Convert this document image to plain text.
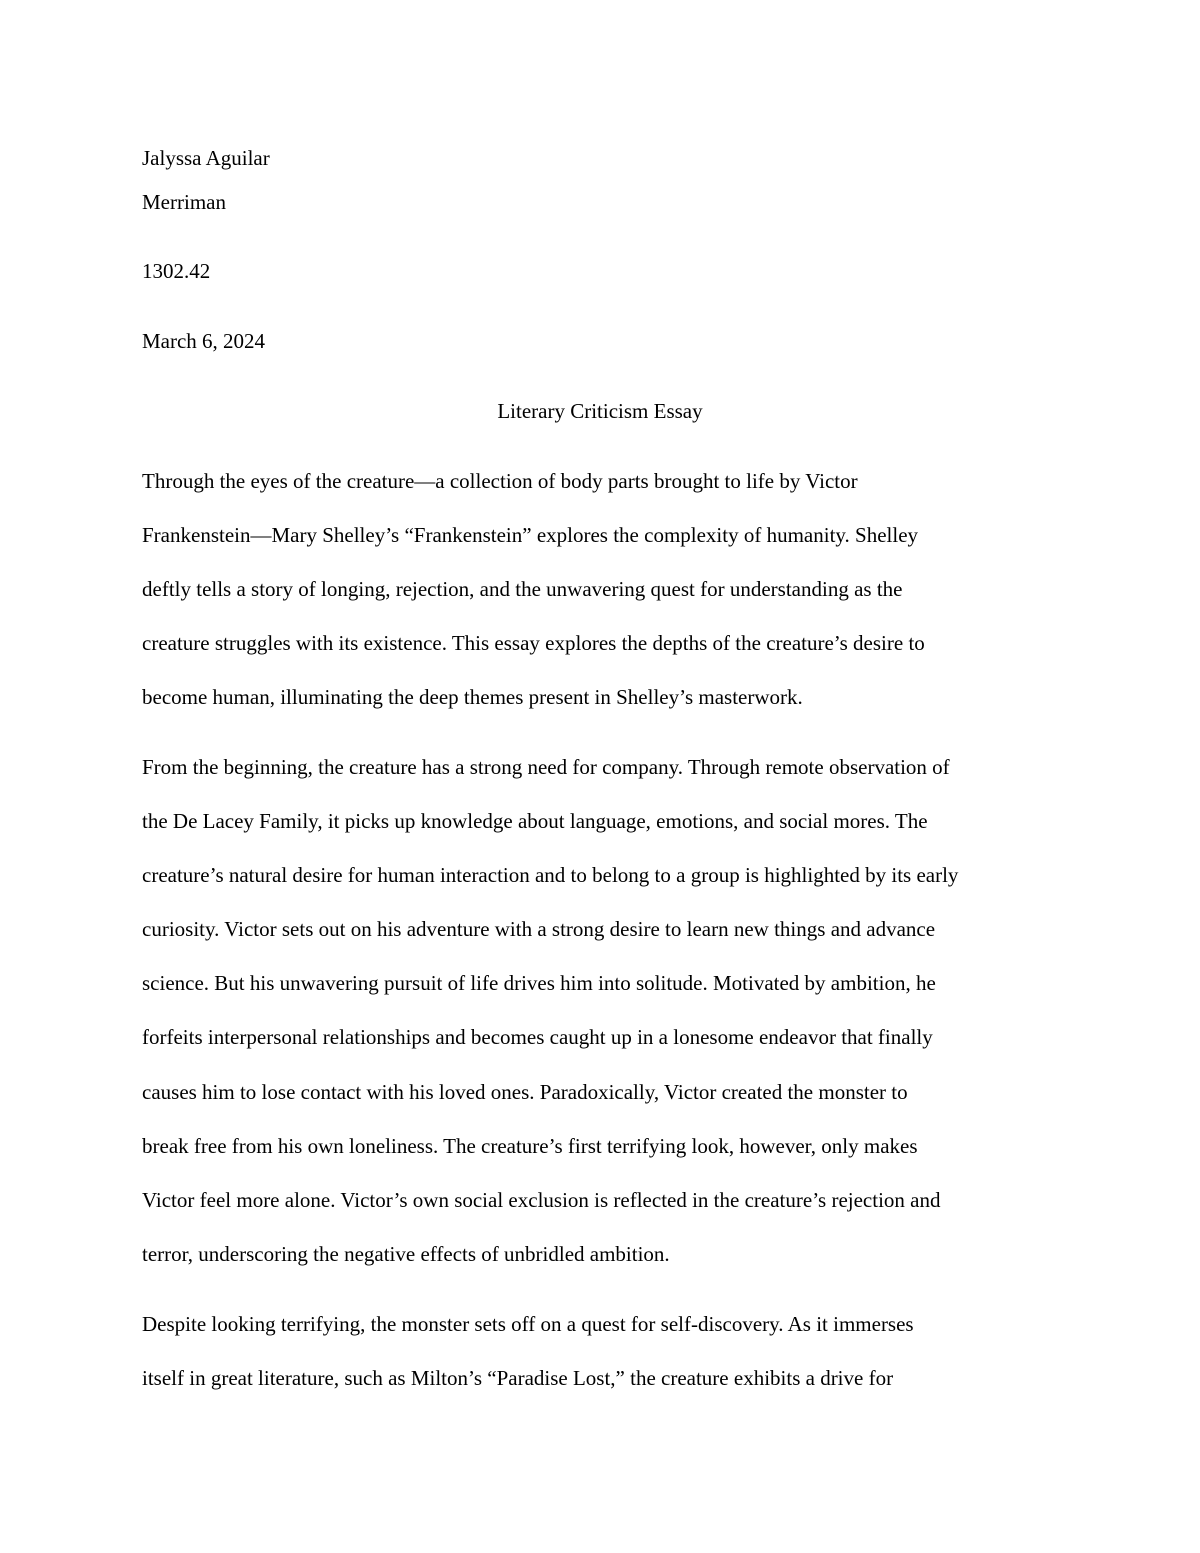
Jalyssa Aguilar
Merriman
1302.42
March 6, 2024
Literary Criticism Essay
Through the eyes of the creature—a collection of body parts brought to life by Victor
Frankenstein—Mary Shelley’s “Frankenstein” explores the complexity of humanity. Shelley
deftly tells a story of longing, rejection, and the unwavering quest for understanding as the
creature struggles with its existence. This essay explores the depths of the creature’s desire to
become human, illuminating the deep themes present in Shelley’s masterwork.
From the beginning, the creature has a strong need for company. Through remote observation of
the De Lacey Family, it picks up knowledge about language, emotions, and social mores. The
creature’s natural desire for human interaction and to belong to a group is highlighted by its early
curiosity. Victor sets out on his adventure with a strong desire to learn new things and advance
science. But his unwavering pursuit of life drives him into solitude. Motivated by ambition, he
forfeits interpersonal relationships and becomes caught up in a lonesome endeavor that finally
causes him to lose contact with his loved ones. Paradoxically, Victor created the monster to
break free from his own loneliness. The creature’s first terrifying look, however, only makes
Victor feel more alone. Victor’s own social exclusion is reflected in the creature’s rejection and
terror, underscoring the negative effects of unbridled ambition.
Despite looking terrifying, the monster sets off on a quest for self-discovery. As it immerses
itself in great literature, such as Milton’s “Paradise Lost,” the creature exhibits a drive for
